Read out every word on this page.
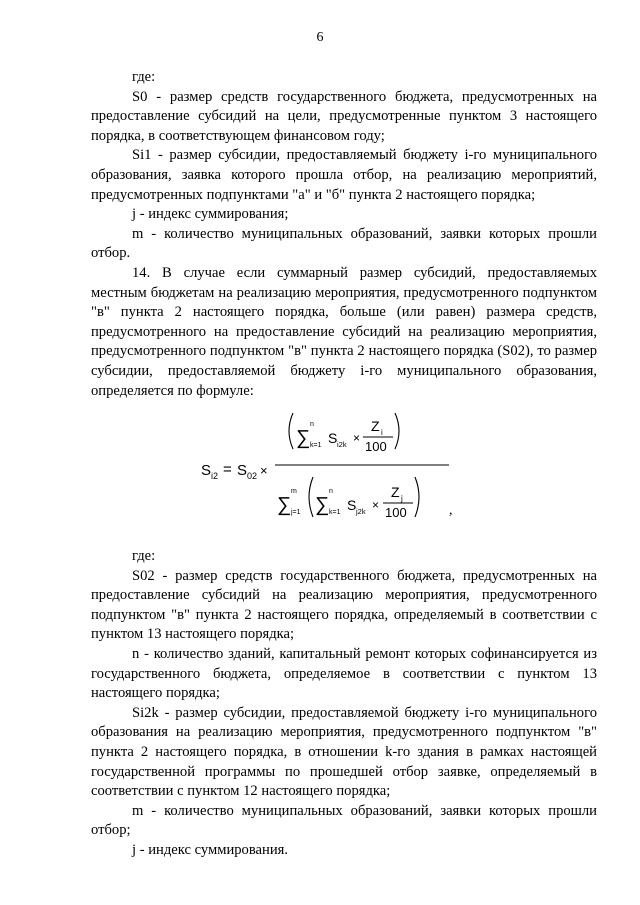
6

где:

S0 - размер средств государственного бюджета, предусмотренных на предоставление субсидий на цели, предусмотренные пунктом 3 настоящего порядка, в соответствующем финансовом году;

Si1 - размер субсидии, предоставляемый бюджету i-го муниципального образования, заявка которого прошла отбор, на реализацию мероприятий, предусмотренных подпунктами "а" и "б" пункта 2 настоящего порядка;

j - индекс суммирования;

m - количество муниципальных образований, заявки которых прошли отбор.

14. В случае если суммарный размер субсидий, предоставляемых местным бюджетам на реализацию мероприятия, предусмотренного подпунктом "в" пункта 2 настоящего порядка, больше (или равен) размера средств, предусмотренного на предоставление субсидий на реализацию мероприятия, предусмотренного подпунктом "в" пункта 2 настоящего порядка (S02), то размер субсидии, предоставляемой бюджету i-го муниципального образования, определяется по формуле:

S i2 = S 02 ×
∑
n
k=1 S i2k ×
Z i
100
∑
m
j=1 ∑
n
k=1 S j2k ×
Z j
100	,

где:

S02 - размер средств государственного бюджета, предусмотренных на предоставление субсидий на реализацию мероприятия, предусмотренного подпунктом "в" пункта 2 настоящего порядка, определяемый в соответствии с пунктом 13 настоящего порядка;

n - количество зданий, капитальный ремонт которых софинансируется из государственного бюджета, определяемое в соответствии с пунктом 13 настоящего порядка;

Si2k - размер субсидии, предоставляемой бюджету i-го муниципального образования на реализацию мероприятия, предусмотренного подпунктом "в" пункта 2 настоящего порядка, в отношении k-го здания в рамках настоящей государственной программы по прошедшей отбор заявке, определяемый в соответствии с пунктом 12 настоящего порядка;

m - количество муниципальных образований, заявки которых прошли отбор;

j - индекс суммирования.
